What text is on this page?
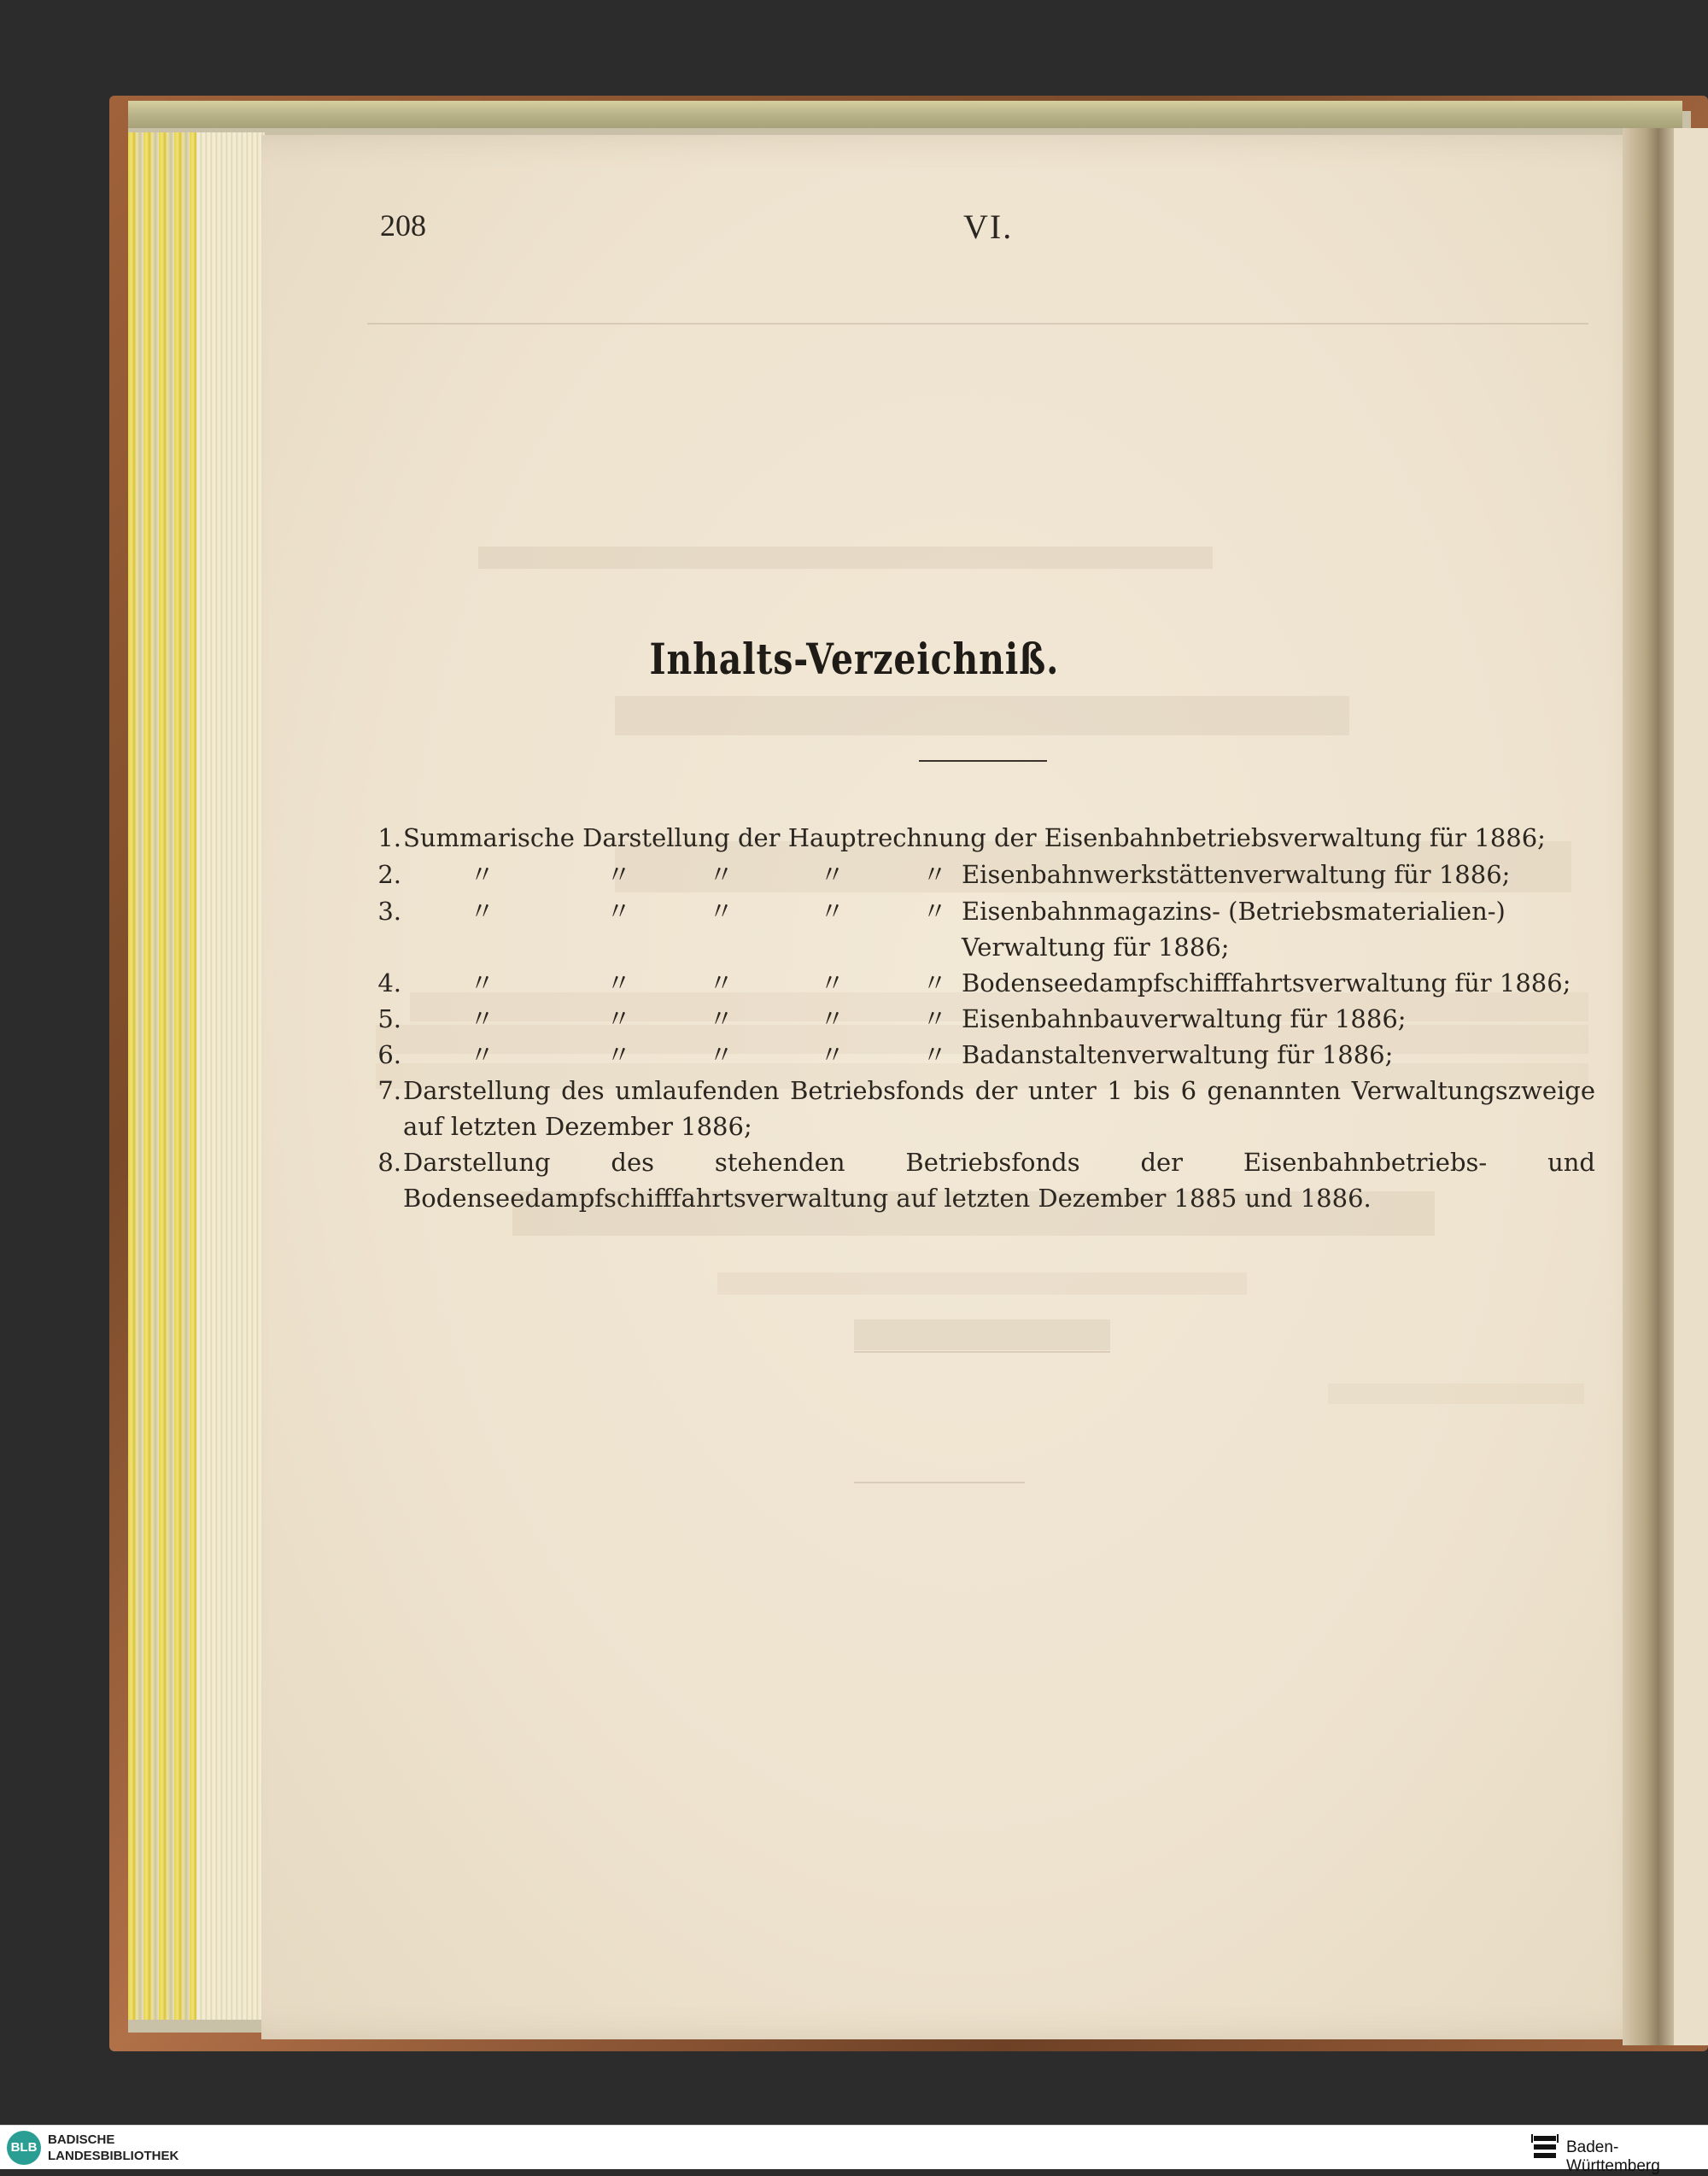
208	VI.
Inhalts-Verzeichniß.
1. Summarische Darstellung der Hauptrechnung der Eisenbahnbetriebsverwaltung für 1886;
2.	〃	〃	〃	〃	〃 Eisenbahnwerkstättenverwaltung für 1886;
3.	〃	〃	〃	〃	〃 Eisenbahnmagazins- (Betriebsmaterialien-) Verwaltung für 1886;
4.	〃	〃	〃	〃	〃 Bodenseedampfschifffahrtsverwaltung für 1886;
5.	〃	〃	〃	〃	〃 Eisenbahnbauverwaltung für 1886;
6.	〃	〃	〃	〃	〃 Badanstaltenverwaltung für 1886;
7. Darstellung des umlaufenden Betriebsfonds der unter 1 bis 6 genannten Verwaltungszweige auf letzten Dezember 1886;
8. Darstellung des stehenden Betriebsfonds der Eisenbahnbetriebs- und Bodenseedampfschifffahrtsverwaltung auf letzten Dezember 1885 und 1886.
BLB
BADISCHE
LANDESBIBLIOTHEK	Baden-Württemberg
